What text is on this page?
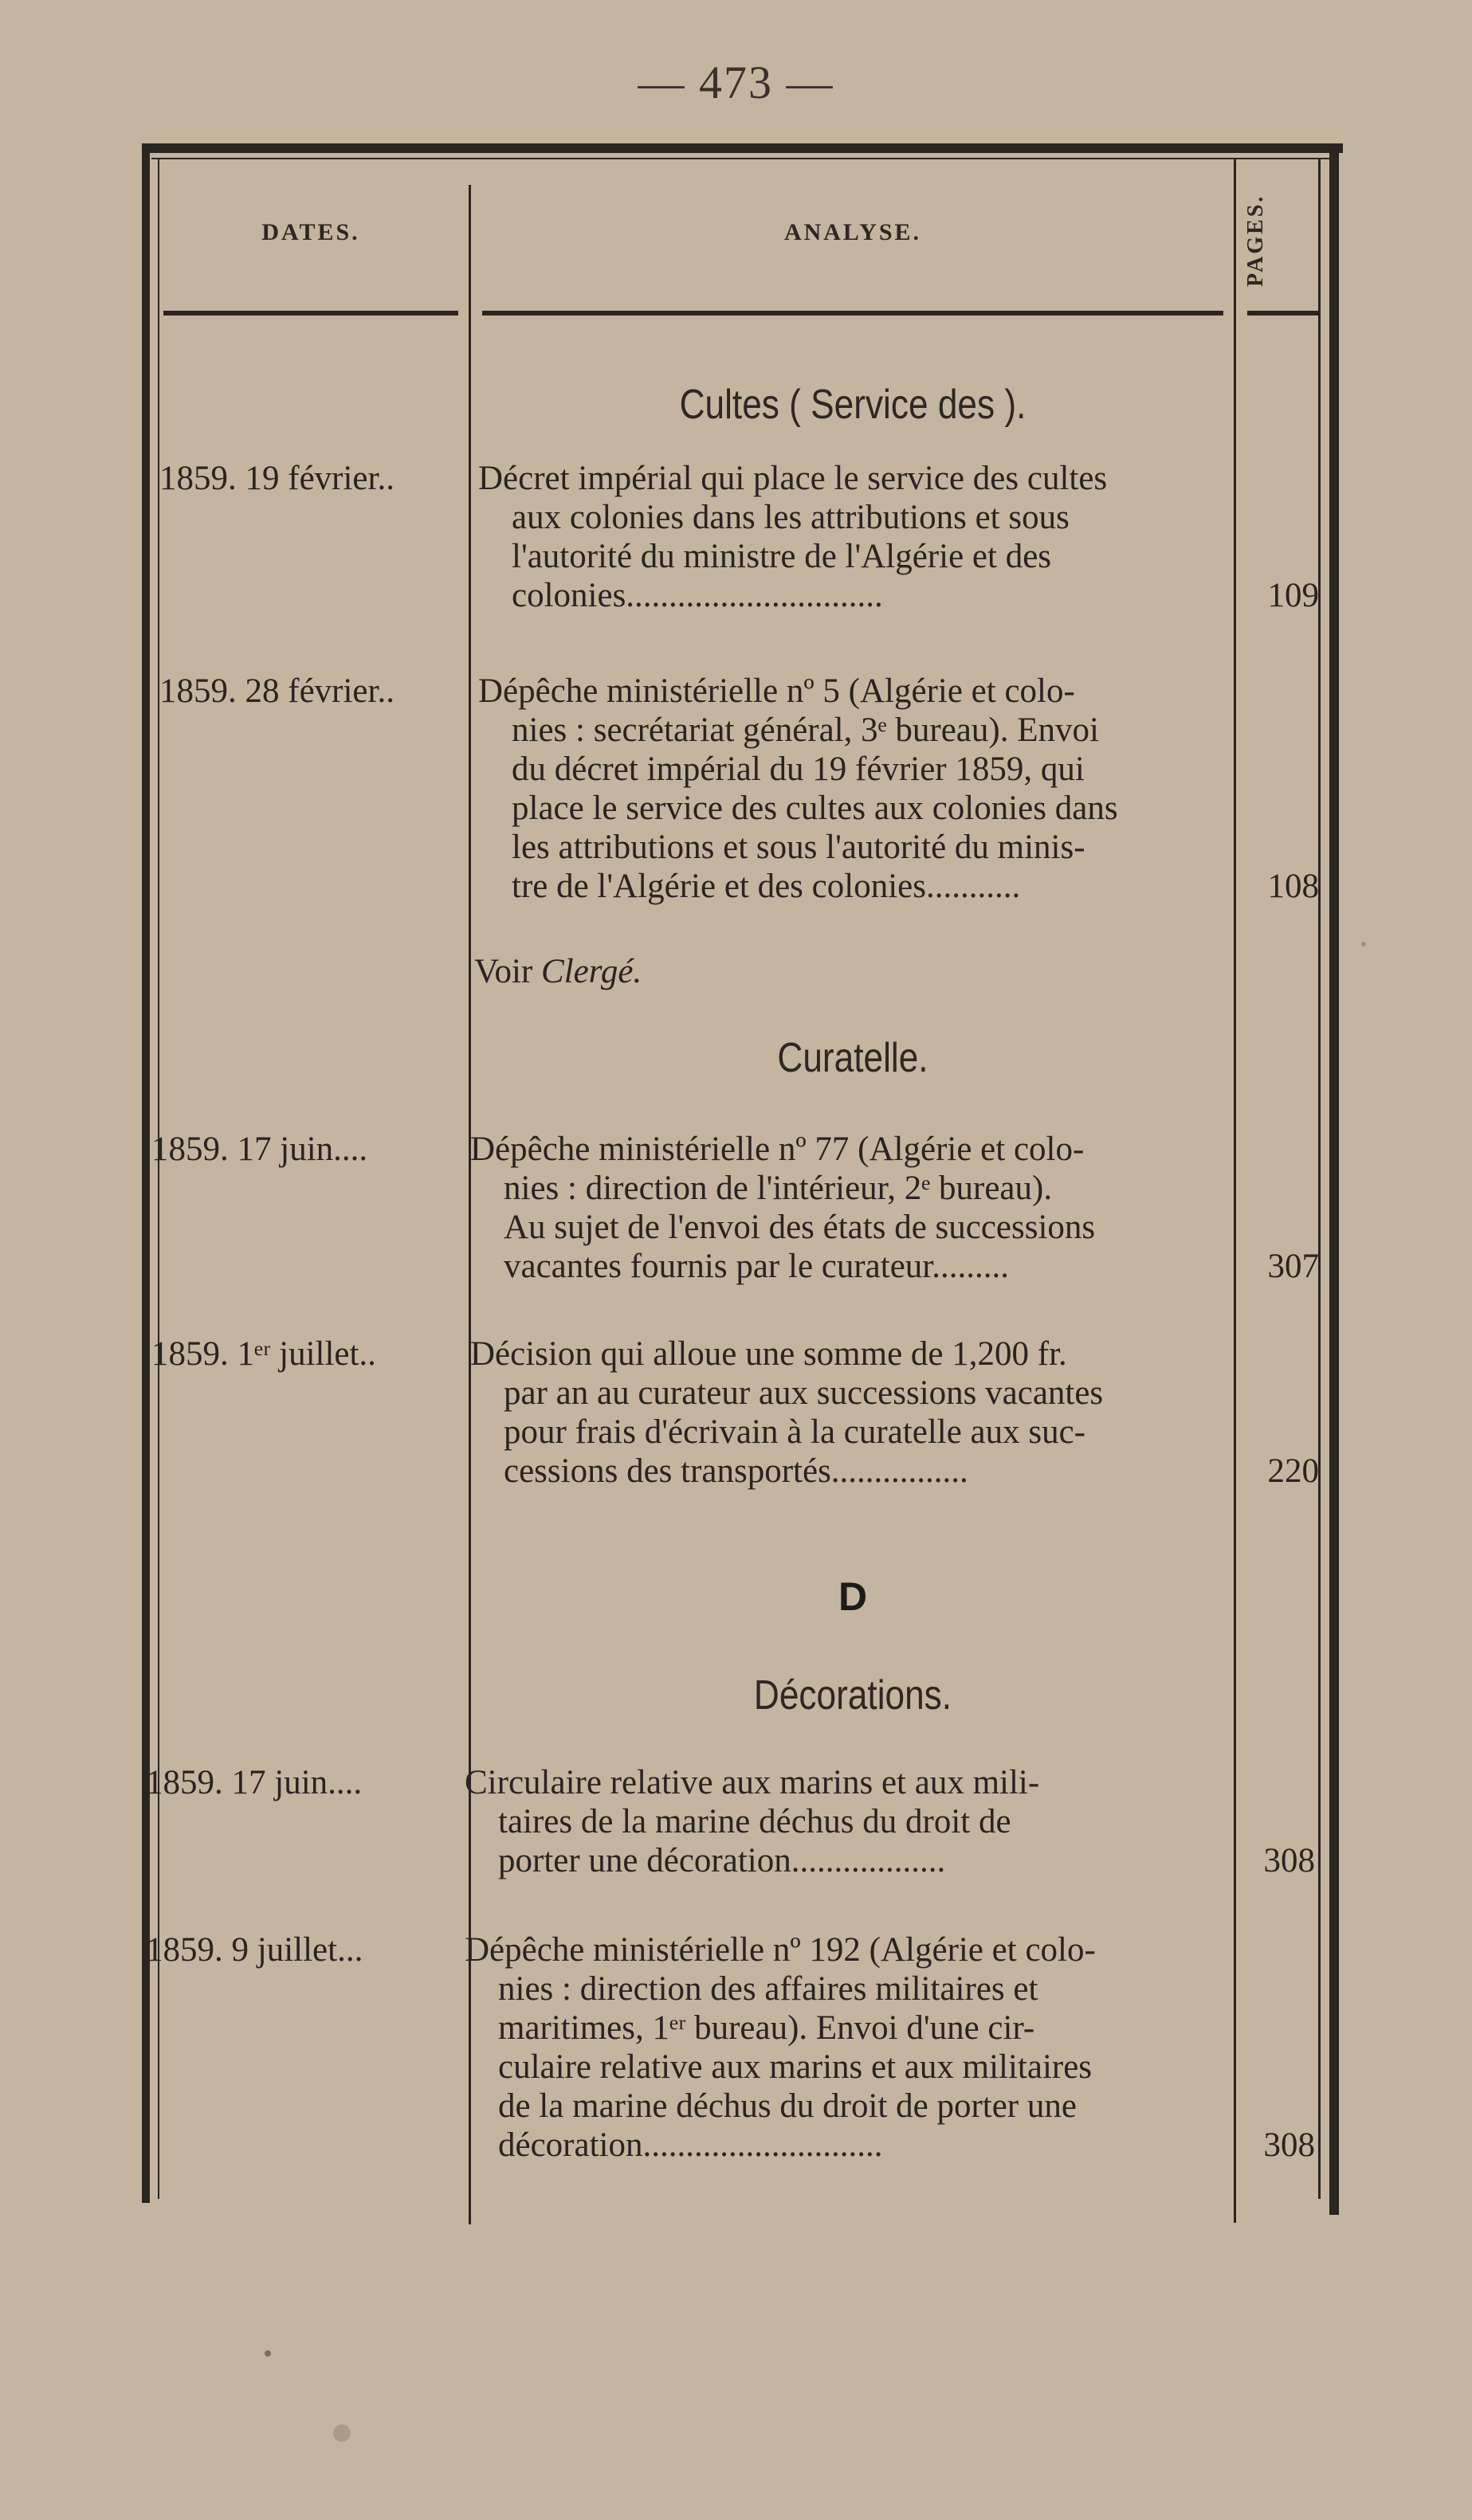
— 473 —
DATES.	ANALYSE.	PAGES.
Cultes ( Service des ).
1859. 19 février.. Décret impérial qui place le service des cultes
aux colonies dans les attributions et sous
l'autorité du ministre de l'Algérie et des
colonies..............................	109
1859. 28 février.. Dépêche ministérielle nº 5 (Algérie et colo-
nies : secrétariat général, 3ᵉ bureau). Envoi
du décret impérial du 19 février 1859, qui
place le service des cultes aux colonies dans
les attributions et sous l'autorité du minis-
tre de l'Algérie et des colonies...........	108
Voir Clergé.
Curatelle.
1859. 17 juin....	Dépêche ministérielle nº 77 (Algérie et colo-
nies : direction de l'intérieur, 2ᵉ bureau).
Au sujet de l'envoi des états de successions
vacantes fournis par le curateur.........	307
1859. 1ᵉʳ juillet..	Décision qui alloue une somme de 1,200 fr.
par an au curateur aux successions vacantes
pour frais d'écrivain à la curatelle aux suc-
cessions des transportés................	220
D
Décorations.
1859. 17 juin....	Circulaire relative aux marins et aux mili-
taires de la marine déchus du droit de
porter une décoration..................	308
1859. 9 juillet...	Dépêche ministérielle nº 192 (Algérie et colo-
nies : direction des affaires militaires et
maritimes, 1ᵉʳ bureau). Envoi d'une cir-
culaire relative aux marins et aux militaires
de la marine déchus du droit de porter une
décoration............................	308
